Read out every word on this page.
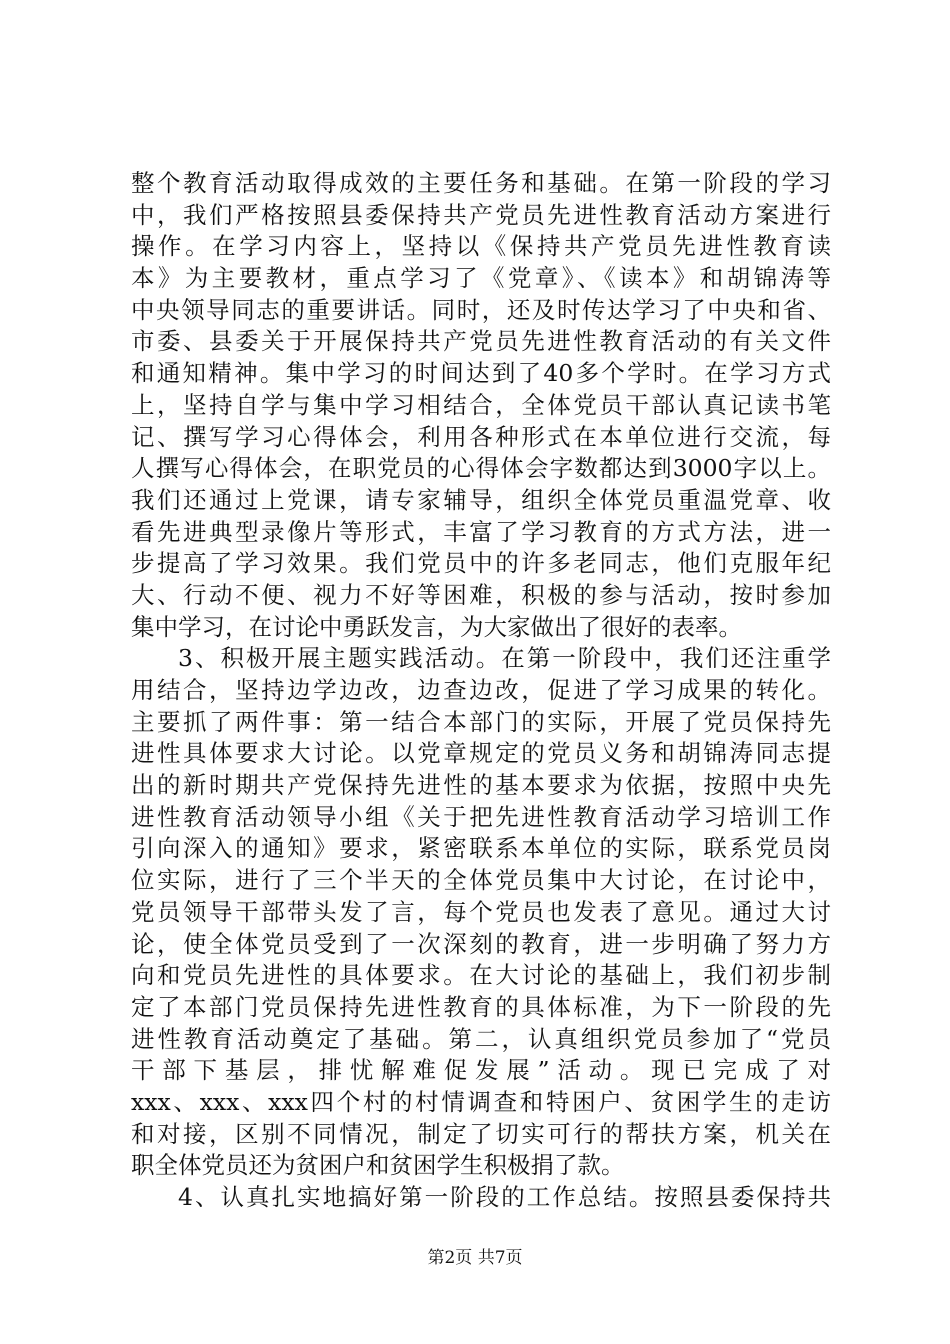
整个教育活动取得成效的主要任务和基础。在第一阶段的学习
中，我们严格按照县委保持共产党员先进性教育活动方案进行
操作。在学习内容上，坚持以《保持共产党员先进性教育读
本》为主要教材，重点学习了《党章》、《读本》和胡锦涛等
中央领导同志的重要讲话。同时，还及时传达学习了中央和省、
市委、县委关于开展保持共产党员先进性教育活动的有关文件
和通知精神。集中学习的时间达到了40多个学时。在学习方式
上，坚持自学与集中学习相结合，全体党员干部认真记读书笔
记、撰写学习心得体会，利用各种形式在本单位进行交流，每
人撰写心得体会，在职党员的心得体会字数都达到3000字以上。
我们还通过上党课，请专家辅导，组织全体党员重温党章、收
看先进典型录像片等形式，丰富了学习教育的方式方法，进一
步提高了学习效果。我们党员中的许多老同志，他们克服年纪
大、行动不便、视力不好等困难，积极的参与活动，按时参加
集中学习，在讨论中勇跃发言，为大家做出了很好的表率。
3、积极开展主题实践活动。在第一阶段中，我们还注重学
用结合，坚持边学边改，边查边改，促进了学习成果的转化。
主要抓了两件事：第一结合本部门的实际，开展了党员保持先
进性具体要求大讨论。以党章规定的党员义务和胡锦涛同志提
出的新时期共产党保持先进性的基本要求为依据，按照中央先
进性教育活动领导小组《关于把先进性教育活动学习培训工作
引向深入的通知》要求，紧密联系本单位的实际，联系党员岗
位实际，进行了三个半天的全体党员集中大讨论，在讨论中，
党员领导干部带头发了言，每个党员也发表了意见。通过大讨
论，使全体党员受到了一次深刻的教育，进一步明确了努力方
向和党员先进性的具体要求。在大讨论的基础上，我们初步制
定了本部门党员保持先进性教育的具体标准，为下一阶段的先
进性教育活动奠定了基础。第二，认真组织党员参加了“党员
干部下基层，排忧解难促发展”活动。现已完成了对
xxx、xxx、xxx四个村的村情调查和特困户、贫困学生的走访
和对接，区别不同情况，制定了切实可行的帮扶方案，机关在
职全体党员还为贫困户和贫困学生积极捐了款。
4、认真扎实地搞好第一阶段的工作总结。按照县委保持共
第2页 共7页
